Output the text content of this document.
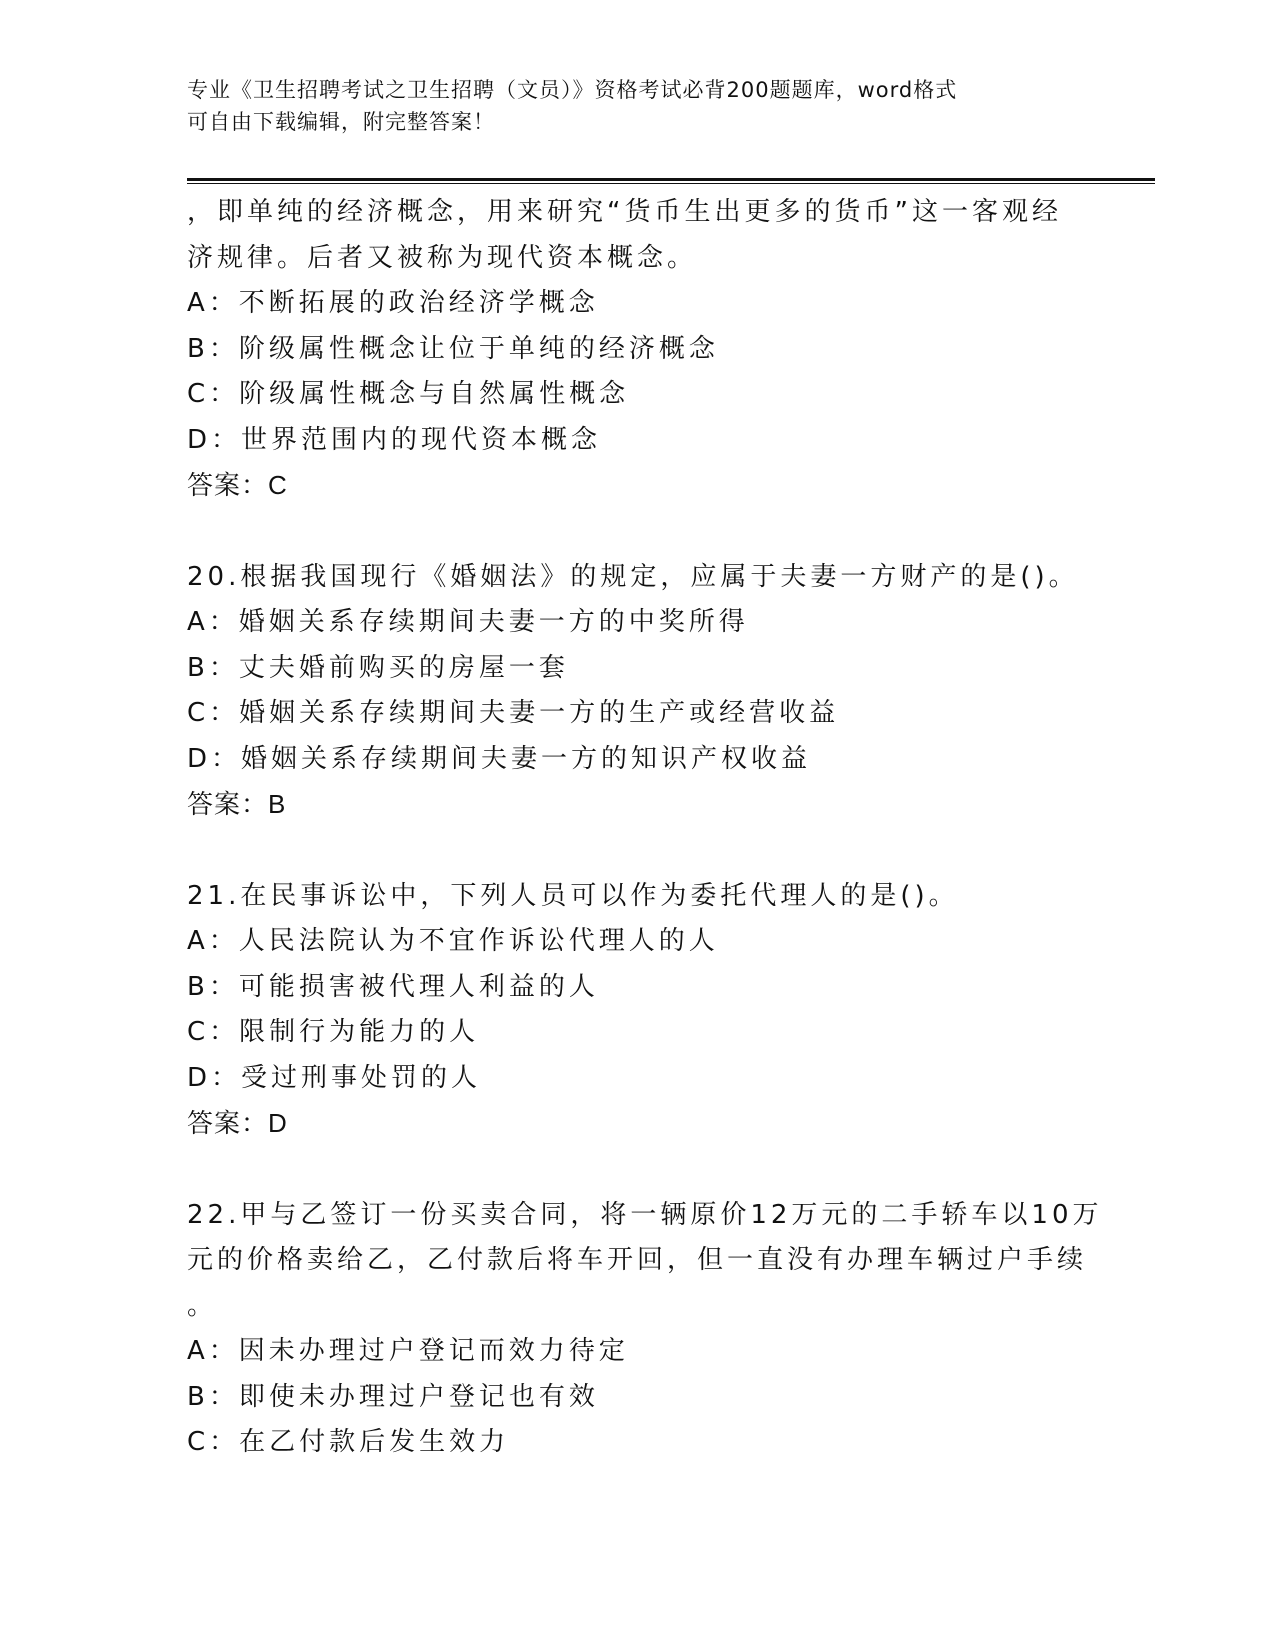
专业《卫生招聘考试之卫生招聘（文员）》资格考试必背200题题库，word格式
可自由下载编辑，附完整答案！
，即单纯的经济概念，用来研究“货币生出更多的货币”这一客观经
济规律。后者又被称为现代资本概念。
A：不断拓展的政治经济学概念
B：阶级属性概念让位于单纯的经济概念
C：阶级属性概念与自然属性概念
D：世界范围内的现代资本概念
答案：C
20.根据我国现行《婚姻法》的规定，应属于夫妻一方财产的是()。
A：婚姻关系存续期间夫妻一方的中奖所得
B：丈夫婚前购买的房屋一套
C：婚姻关系存续期间夫妻一方的生产或经营收益
D：婚姻关系存续期间夫妻一方的知识产权收益
答案：B
21.在民事诉讼中，下列人员可以作为委托代理人的是()。
A：人民法院认为不宜作诉讼代理人的人
B：可能损害被代理人利益的人
C：限制行为能力的人
D：受过刑事处罚的人
答案：D
22.甲与乙签订一份买卖合同，将一辆原价12万元的二手轿车以10万
元的价格卖给乙，乙付款后将车开回，但一直没有办理车辆过户手续
。
A：因未办理过户登记而效力待定
B：即使未办理过户登记也有效
C：在乙付款后发生效力
